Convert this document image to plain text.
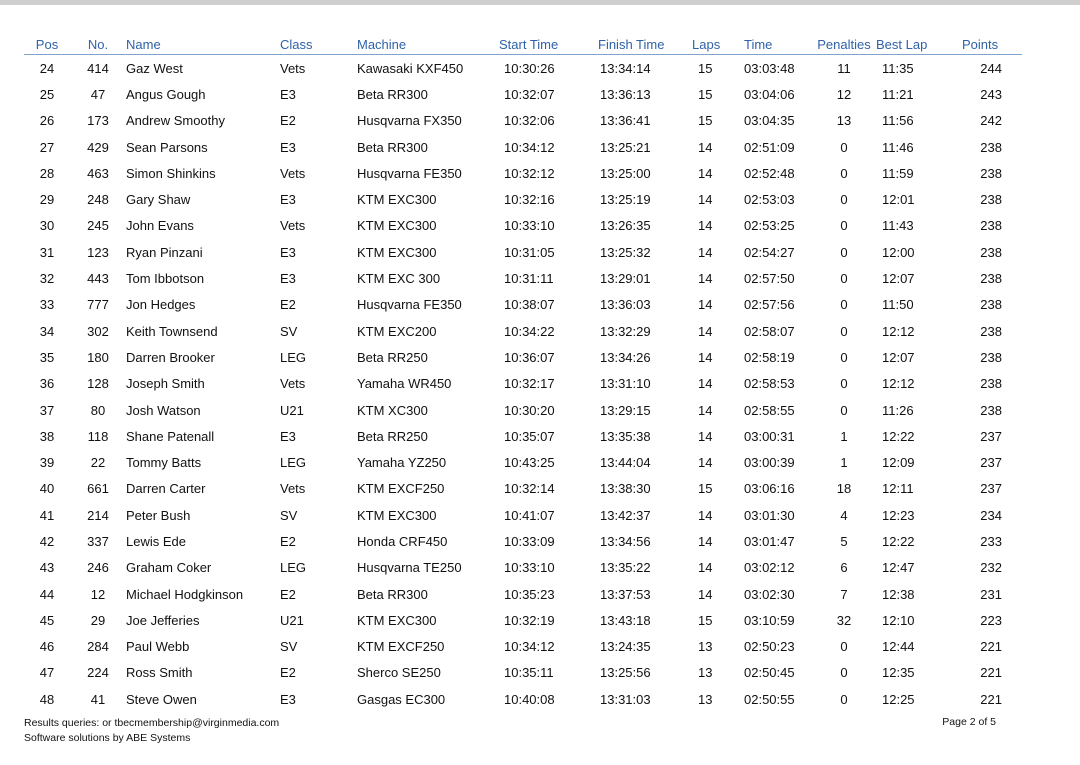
Pos	No.	Name	Class	Machine	Start Time	Finish Time	Laps	Time	Penalties	Best Lap	Points
24	414	Gaz West	Vets	Kawasaki KXF450	10:30:26	13:34:14	15	03:03:48	11	11:35	244
25	47	Angus Gough	E3	Beta RR300	10:32:07	13:36:13	15	03:04:06	12	11:21	243
26	173	Andrew Smoothy	E2	Husqvarna FX350	10:32:06	13:36:41	15	03:04:35	13	11:56	242
27	429	Sean Parsons	E3	Beta RR300	10:34:12	13:25:21	14	02:51:09	0	11:46	238
28	463	Simon Shinkins	Vets	Husqvarna FE350	10:32:12	13:25:00	14	02:52:48	0	11:59	238
29	248	Gary Shaw	E3	KTM EXC300	10:32:16	13:25:19	14	02:53:03	0	12:01	238
30	245	John Evans	Vets	KTM EXC300	10:33:10	13:26:35	14	02:53:25	0	11:43	238
31	123	Ryan Pinzani	E3	KTM EXC300	10:31:05	13:25:32	14	02:54:27	0	12:00	238
32	443	Tom Ibbotson	E3	KTM EXC 300	10:31:11	13:29:01	14	02:57:50	0	12:07	238
33	777	Jon Hedges	E2	Husqvarna FE350	10:38:07	13:36:03	14	02:57:56	0	11:50	238
34	302	Keith Townsend	SV	KTM EXC200	10:34:22	13:32:29	14	02:58:07	0	12:12	238
35	180	Darren Brooker	LEG	Beta RR250	10:36:07	13:34:26	14	02:58:19	0	12:07	238
36	128	Joseph Smith	Vets	Yamaha WR450	10:32:17	13:31:10	14	02:58:53	0	12:12	238
37	80	Josh Watson	U21	KTM XC300	10:30:20	13:29:15	14	02:58:55	0	11:26	238
38	118	Shane Patenall	E3	Beta RR250	10:35:07	13:35:38	14	03:00:31	1	12:22	237
39	22	Tommy Batts	LEG	Yamaha YZ250	10:43:25	13:44:04	14	03:00:39	1	12:09	237
40	661	Darren Carter	Vets	KTM EXCF250	10:32:14	13:38:30	15	03:06:16	18	12:11	237
41	214	Peter Bush	SV	KTM EXC300	10:41:07	13:42:37	14	03:01:30	4	12:23	234
42	337	Lewis Ede	E2	Honda CRF450	10:33:09	13:34:56	14	03:01:47	5	12:22	233
43	246	Graham Coker	LEG	Husqvarna TE250	10:33:10	13:35:22	14	03:02:12	6	12:47	232
44	12	Michael Hodgkinson	E2	Beta RR300	10:35:23	13:37:53	14	03:02:30	7	12:38	231
45	29	Joe Jefferies	U21	KTM EXC300	10:32:19	13:43:18	15	03:10:59	32	12:10	223
46	284	Paul Webb	SV	KTM EXCF250	10:34:12	13:24:35	13	02:50:23	0	12:44	221
47	224	Ross Smith	E2	Sherco SE250	10:35:11	13:25:56	13	02:50:45	0	12:35	221
48	41	Steve Owen	E3	Gasgas EC300	10:40:08	13:31:03	13	02:50:55	0	12:25	221
Results queries: or tbecmembership@virginmedia.com
Software solutions by ABE Systems
Page 2 of 5
